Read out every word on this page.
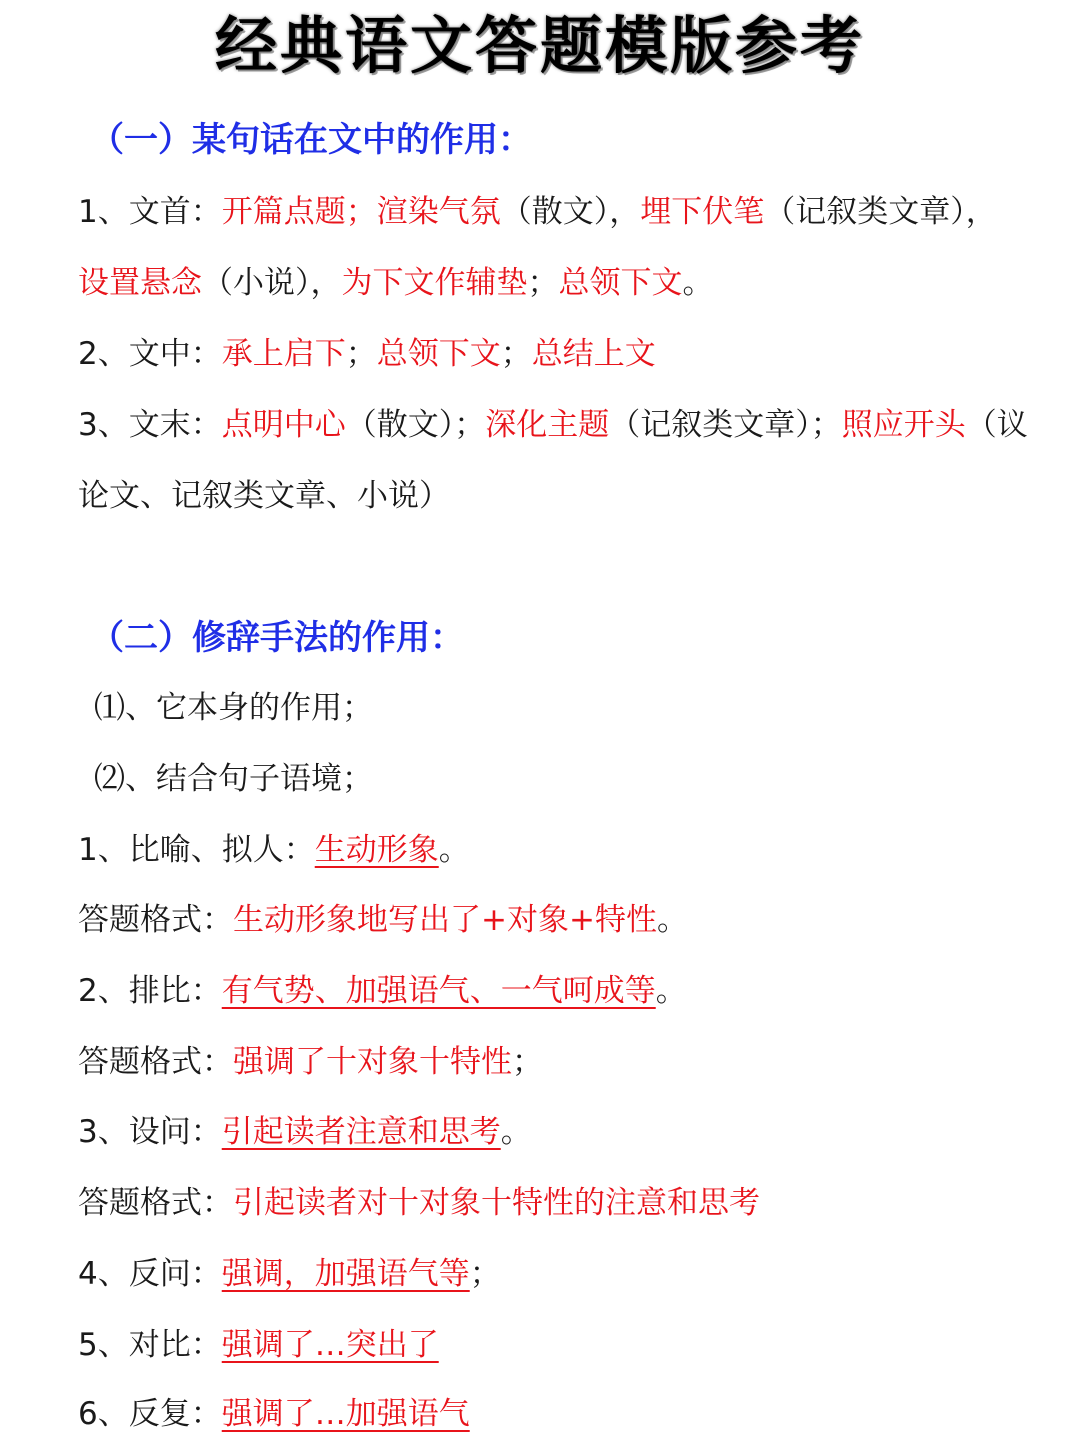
经典语文答题模版参考
（一）某句话在文中的作用：
1、文首：开篇点题；渲染气氛（散文），埋下伏笔（记叙类文章），
设置悬念（小说），为下文作辅垫；总领下文。
2、文中：承上启下；总领下文；总结上文
3、文末：点明中心（散文）；深化主题（记叙类文章）；照应开头（议
论文、记叙类文章、小说）
（二）修辞手法的作用：
⑴、它本身的作用；
⑵、结合句子语境；
1、比喻、拟人：生动形象。
答题格式：生动形象地写出了+对象+特性。
2、排比：有气势、加强语气、一气呵成等。
答题格式：强调了十对象十特性；
3、设问：引起读者注意和思考。
答题格式：引起读者对十对象十特性的注意和思考
4、反问：强调，加强语气等；
5、对比：强调了…突出了
6、反复：强调了…加强语气
